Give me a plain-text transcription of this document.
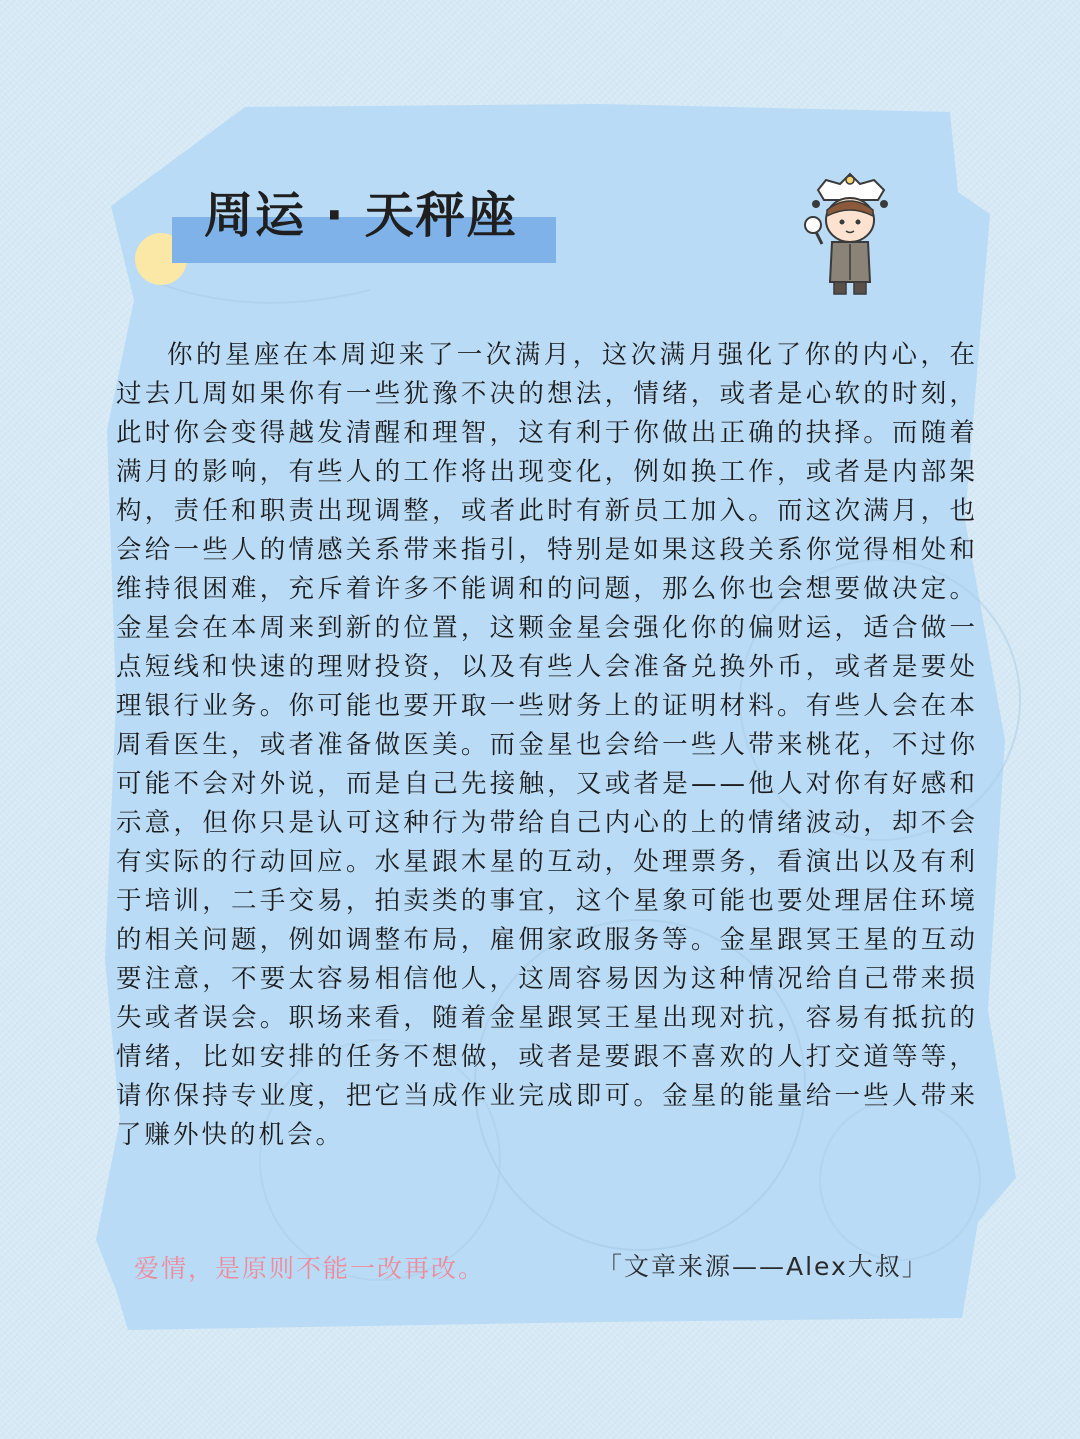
周运 · 天秤座

你的星座在本周迎来了一次满月，这次满月强化了你的内心，在过去几周如果你有一些犹豫不决的想法，情绪，或者是心软的时刻，此时你会变得越发清醒和理智，这有利于你做出正确的抉择。而随着满月的影响，有些人的工作将出现变化，例如换工作，或者是内部架构，责任和职责出现调整，或者此时有新员工加入。而这次满月，也会给一些人的情感关系带来指引，特别是如果这段关系你觉得相处和维持很困难，充斥着许多不能调和的问题，那么你也会想要做决定。金星会在本周来到新的位置，这颗金星会强化你的偏财运，适合做一点短线和快速的理财投资，以及有些人会准备兑换外币，或者是要处理银行业务。你可能也要开取一些财务上的证明材料。有些人会在本周看医生，或者准备做医美。而金星也会给一些人带来桃花，不过你可能不会对外说，而是自己先接触，又或者是——他人对你有好感和示意，但你只是认可这种行为带给自己内心的上的情绪波动，却不会有实际的行动回应。水星跟木星的互动，处理票务，看演出以及有利于培训，二手交易，拍卖类的事宜，这个星象可能也要处理居住环境的相关问题，例如调整布局，雇佣家政服务等。金星跟冥王星的互动要注意，不要太容易相信他人，这周容易因为这种情况给自己带来损失或者误会。职场来看，随着金星跟冥王星出现对抗，容易有抵抗的情绪，比如安排的任务不想做，或者是要跟不喜欢的人打交道等等，请你保持专业度，把它当成作业完成即可。金星的能量给一些人带来了赚外快的机会。

爱情，是原则不能一改再改。	「文章来源——Alex大叔」
